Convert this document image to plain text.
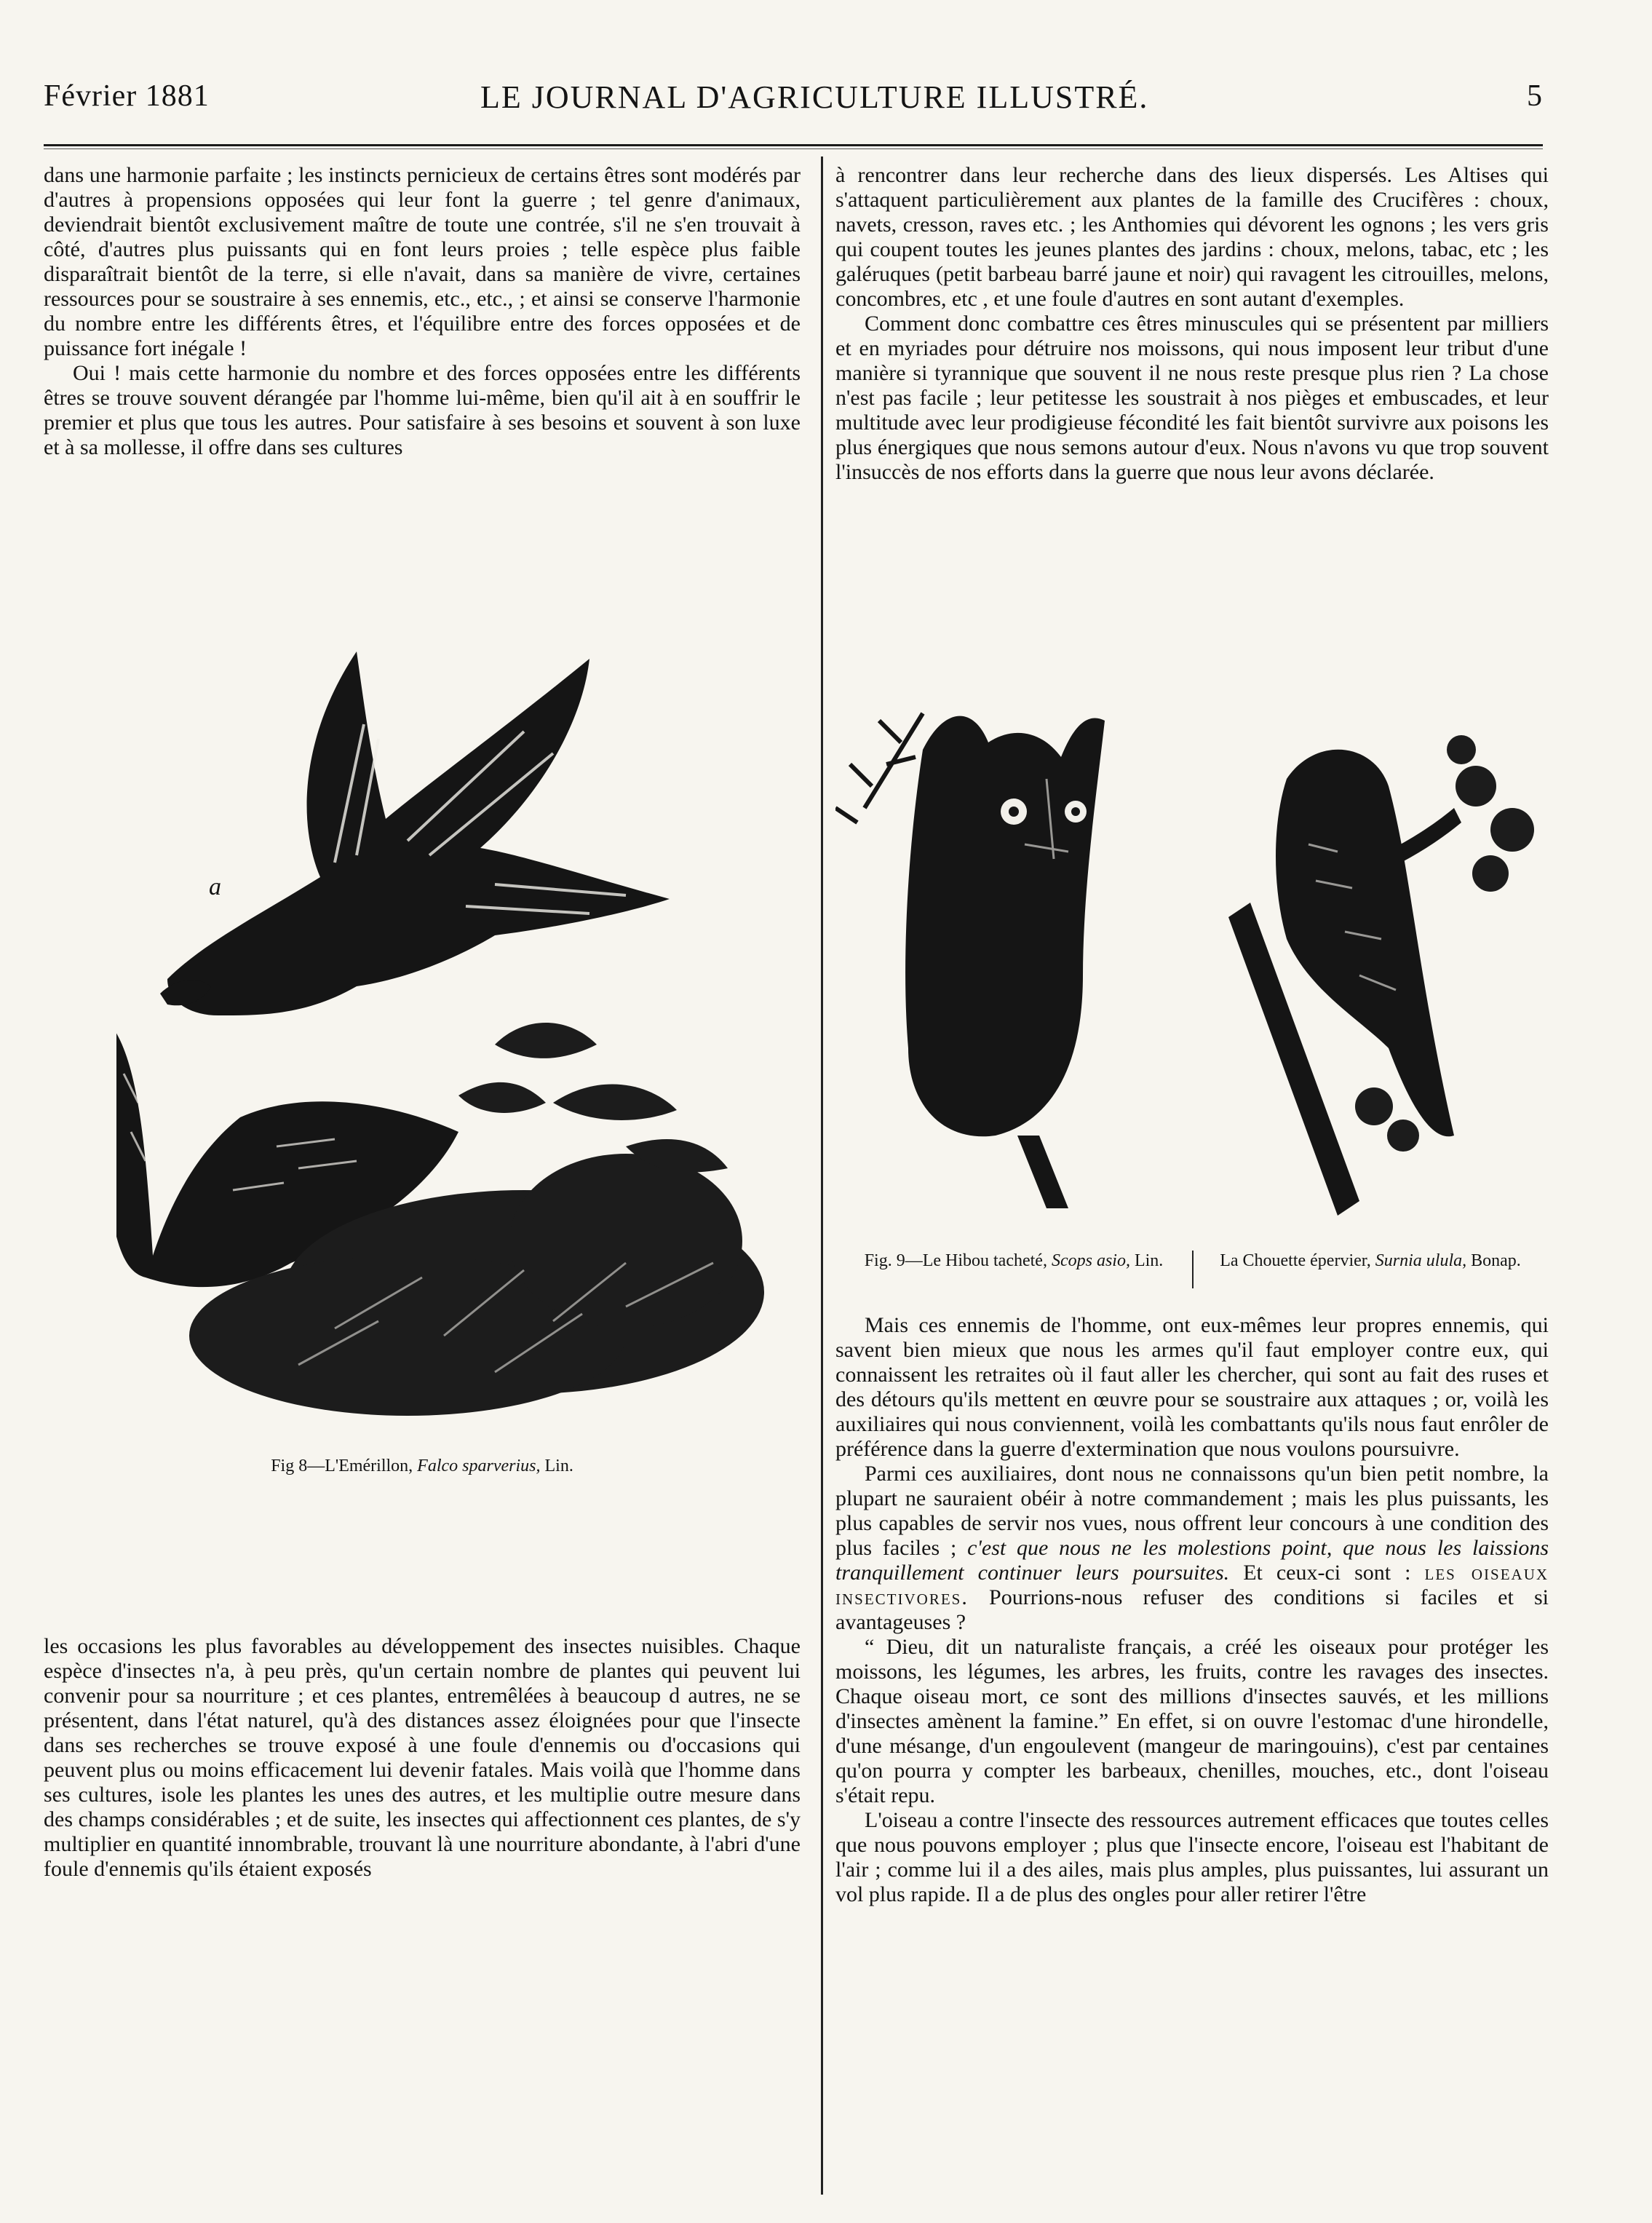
Février 1881	LE JOURNAL D'AGRICULTURE ILLUSTRÉ.	5

dans une harmonie parfaite ; les instincts pernicieux de certains êtres sont modérés par d'autres à propensions opposées qui leur font la guerre ; tel genre d'animaux, deviendrait bientôt exclusivement maître de toute une contrée, s'il ne s'en trouvait à côté, d'autres plus puissants qui en font leurs proies ; telle espèce plus faible disparaîtrait bientôt de la terre, si elle n'avait, dans sa manière de vivre, certaines ressources pour se soustraire à ses ennemis, etc., etc., ; et ainsi se conserve l'harmonie du nombre entre les différents êtres, et l'équilibre entre des forces opposées et de puissance fort inégale !

Oui ! mais cette harmonie du nombre et des forces opposées entre les différents êtres se trouve souvent dérangée par l'homme lui-même, bien qu'il ait à en souffrir le premier et plus que tous les autres. Pour satisfaire à ses besoins et souvent à son luxe et à sa mollesse, il offre dans ses cultures

a
Fig 8—L'Emérillon, Falco sparverius, Lin.

les occasions les plus favorables au développement des insectes nuisibles. Chaque espèce d'insectes n'a, à peu près, qu'un certain nombre de plantes qui peuvent lui convenir pour sa nourriture ; et ces plantes, entremêlées à beaucoup d autres, ne se présentent, dans l'état naturel, qu'à des distances assez éloignées pour que l'insecte dans ses recherches se trouve exposé à une foule d'ennemis ou d'occasions qui peuvent plus ou moins efficacement lui devenir fatales. Mais voilà que l'homme dans ses cultures, isole les plantes les unes des autres, et les multiplie outre mesure dans des champs considérables ; et de suite, les insectes qui affectionnent ces plantes, de s'y multiplier en quantité innombrable, trouvant là une nourriture abondante, à l'abri d'une foule d'ennemis qu'ils étaient exposés

à rencontrer dans leur recherche dans des lieux dispersés. Les Altises qui s'attaquent particulièrement aux plantes de la famille des Crucifères : choux, navets, cresson, raves etc. ; les Anthomies qui dévorent les ognons ; les vers gris qui coupent toutes les jeunes plantes des jardins : choux, melons, tabac, etc ; les galéruques (petit barbeau barré jaune et noir) qui ravagent les citrouilles, melons, concombres, etc , et une foule d'autres en sont autant d'exemples.

Comment donc combattre ces êtres minuscules qui se présentent par milliers et en myriades pour détruire nos moissons, qui nous imposent leur tribut d'une manière si tyrannique que souvent il ne nous reste presque plus rien ? La chose n'est pas facile ; leur petitesse les soustrait à nos pièges et embuscades, et leur multitude avec leur prodigieuse fécondité les fait bientôt survivre aux poisons les plus énergiques que nous semons autour d'eux. Nous n'avons vu que trop souvent l'insuccès de nos efforts dans la guerre que nous leur avons déclarée.

Fig. 9—Le Hibou tacheté, Scops asio, Lin.	La Chouette épervier, Surnia ulula, Bonap.

Mais ces ennemis de l'homme, ont eux-mêmes leur propres ennemis, qui savent bien mieux que nous les armes qu'il faut employer contre eux, qui connaissent les retraites où il faut aller les chercher, qui sont au fait des ruses et des détours qu'ils mettent en œuvre pour se soustraire aux attaques ; or, voilà les auxiliaires qui nous conviennent, voilà les combattants qu'ils nous faut enrôler de préférence dans la guerre d'extermination que nous voulons poursuivre.

Parmi ces auxiliaires, dont nous ne connaissons qu'un bien petit nombre, la plupart ne sauraient obéir à notre commandement ; mais les plus puissants, les plus capables de servir nos vues, nous offrent leur concours à une condition des plus faciles ; c'est que nous ne les molestions point, que nous les laissions tranquillement continuer leurs poursuites. Et ceux-ci sont : les oiseaux insectivores. Pourrions-nous refuser des conditions si faciles et si avantageuses ?

“ Dieu, dit un naturaliste français, a créé les oiseaux pour protéger les moissons, les légumes, les arbres, les fruits, contre les ravages des insectes. Chaque oiseau mort, ce sont des millions d'insectes sauvés, et les millions d'insectes amènent la famine.” En effet, si on ouvre l'estomac d'une hirondelle, d'une mésange, d'un engoulevent (mangeur de maringouins), c'est par centaines qu'on pourra y compter les barbeaux, chenilles, mouches, etc., dont l'oiseau s'était repu.

L'oiseau a contre l'insecte des ressources autrement efficaces que toutes celles que nous pouvons employer ; plus que l'insecte encore, l'oiseau est l'habitant de l'air ; comme lui il a des ailes, mais plus amples, plus puissantes, lui assurant un vol plus rapide. Il a de plus des ongles pour aller retirer l'être
